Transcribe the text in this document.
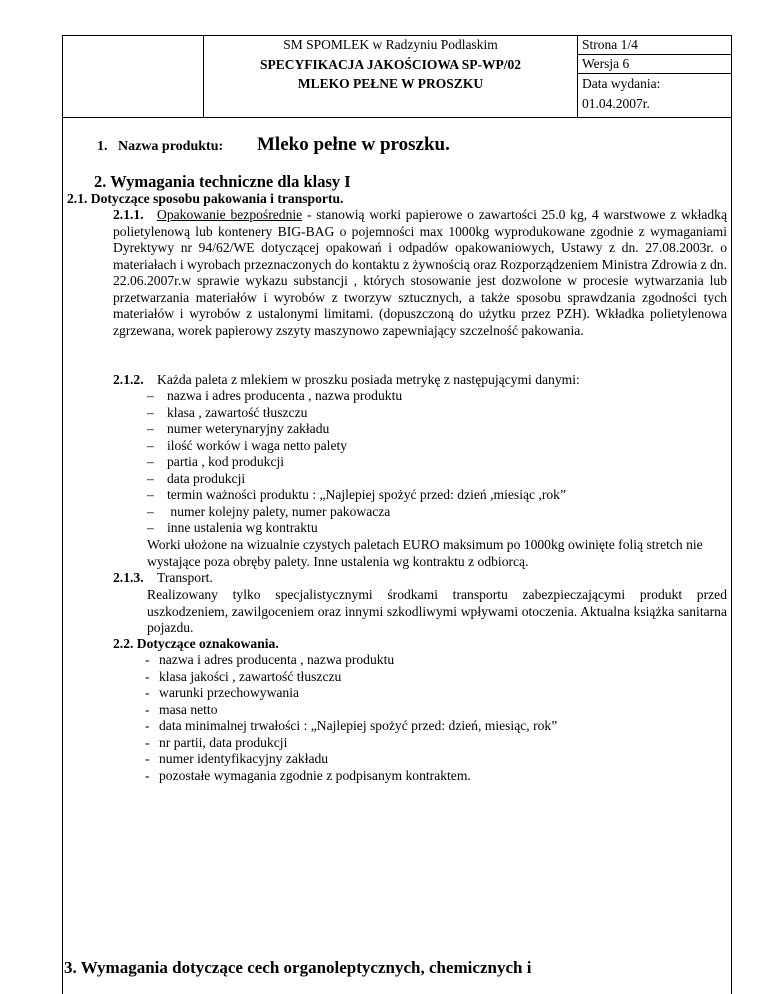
SM SPOMLEK w Radzyniu Podlaskim
SPECYFIKACJA JAKOŚCIOWA SP-WP/02
MLEKO PEŁNE W PROSZKU
Strona 1/4
Wersja 6
Data wydania:
01.04.2007r.
1. Nazwa produktu: Mleko pełne w proszku.
2. Wymagania techniczne dla klasy I
2.1. Dotyczące sposobu pakowania i transportu.
2.1.1. Opakowanie bezpośrednie - stanowią worki papierowe o zawartości 25.0 kg, 4 warstwowe z wkładką polietylenową lub kontenery BIG-BAG o pojemności max 1000kg wyprodukowane zgodnie z wymaganiami Dyrektywy nr 94/62/WE dotyczącej opakowań i odpadów opakowaniowych, Ustawy z dn. 27.08.2003r. o materiałach i wyrobach przeznaczonych do kontaktu z żywnością oraz Rozporządzeniem Ministra Zdrowia z dn. 22.06.2007r.w sprawie wykazu substancji , których stosowanie jest dozwolone w procesie wytwarzania lub przetwarzania materiałów i wyrobów z tworzyw sztucznych, a także sposobu sprawdzania zgodności tych materiałów i wyrobów z ustalonymi limitami. (dopuszczoną do użytku przez PZH). Wkładka polietylenowa zgrzewana, worek papierowy zszyty maszynowo zapewniający szczelność pakowania.
2.1.2. Każda paleta z mlekiem w proszku posiada metrykę z następującymi danymi:
– nazwa i adres producenta , nazwa produktu
– klasa , zawartość tłuszczu
– numer weterynaryjny zakładu
– ilość worków i waga netto palety
– partia , kod produkcji
– data produkcji
– termin ważności produktu : „Najlepiej spożyć przed: dzień ,miesiąc ,rok”
– numer kolejny palety, numer pakowacza
– inne ustalenia wg kontraktu
Worki ułożone na wizualnie czystych paletach EURO maksimum po 1000kg owinięte folią stretch nie wystające poza obręby palety. Inne ustalenia wg kontraktu z odbiorcą.
2.1.3. Transport.
Realizowany tylko specjalistycznymi środkami transportu zabezpieczającymi produkt przed uszkodzeniem, zawilgoceniem oraz innymi szkodliwymi wpływami otoczenia. Aktualna książka sanitarna pojazdu.
2.2. Dotyczące oznakowania.
- nazwa i adres producenta , nazwa produktu
- klasa jakości , zawartość tłuszczu
- warunki przechowywania
- masa netto
- data minimalnej trwałości : „Najlepiej spożyć przed: dzień, miesiąc, rok”
- nr partii, data produkcji
- numer identyfikacyjny zakładu
- pozostałe wymagania zgodnie z podpisanym kontraktem.
3. Wymagania dotyczące cech organoleptycznych, chemicznych i
